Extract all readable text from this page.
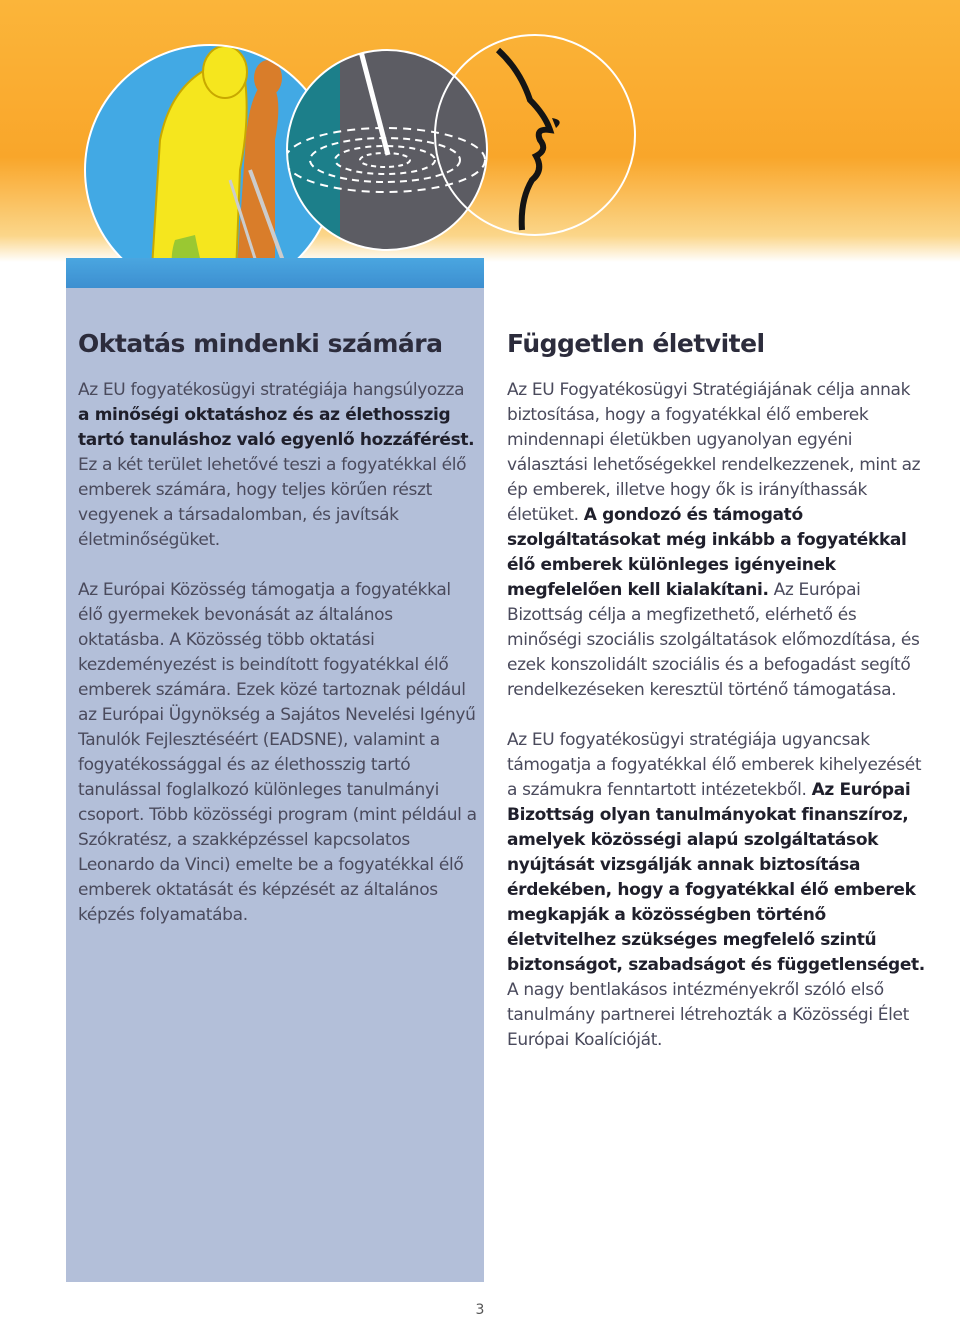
Oktatás mindenki számára

Az EU fogyatékosügyi stratégiája hangsúlyozza a minőségi oktatáshoz és az élethosszig tartó tanuláshoz való egyenlő hozzáférést. Ez a két terület lehetővé teszi a fogyatékkal élő emberek számára, hogy teljes körűen részt vegyenek a társadalomban, és javítsák életminőségüket.

Az Európai Közösség támogatja a fogyatékkal élő gyermekek bevonását az általános oktatásba. A Közösség több oktatási kezdeményezést is beindított fogyatékkal élő emberek számára. Ezek közé tartoznak például az Európai Ügynökség a Sajátos Nevelési Igényű Tanulók Fejlesztéséért (EADSNE), valamint a fogyatékossággal és az élethosszig tartó tanulással foglalkozó különleges tanulmányi csoport. Több közösségi program (mint például a Szókratész, a szakképzéssel kapcsolatos Leonardo da Vinci) emelte be a fogyatékkal élő emberek oktatását és képzését az általános képzés folyamatába.

Független életvitel

Az EU Fogyatékosügyi Stratégiájának célja annak biztosítása, hogy a fogyatékkal élő emberek mindennapi életükben ugyanolyan egyéni választási lehetőségekkel rendelkezzenek, mint az ép emberek, illetve hogy ők is irányíthassák életüket. A gondozó és támogató szolgáltatásokat még inkább a fogyatékkal élő emberek különleges igényeinek megfelelően kell kialakítani. Az Európai Bizottság célja a megfizethető, elérhető és minőségi szociális szolgáltatások előmozdítása, és ezek konszolidált szociális és a befogadást segítő rendelkezéseken keresztül történő támogatása.

Az EU fogyatékosügyi stratégiája ugyancsak támogatja a fogyatékkal élő emberek kihelyezését a számukra fenntartott intézetekből. Az Európai Bizottság olyan tanulmányokat finanszíroz, amelyek közösségi alapú szolgáltatások nyújtását vizsgálják annak biztosítása érdekében, hogy a fogyatékkal élő emberek megkapják a közösségben történő életvitelhez szükséges megfelelő szintű biztonságot, szabadságot és függetlenséget. A nagy bentlakásos intézményekről szóló első tanulmány partnerei létrehozták a Közösségi Élet Európai Koalícióját.

3
